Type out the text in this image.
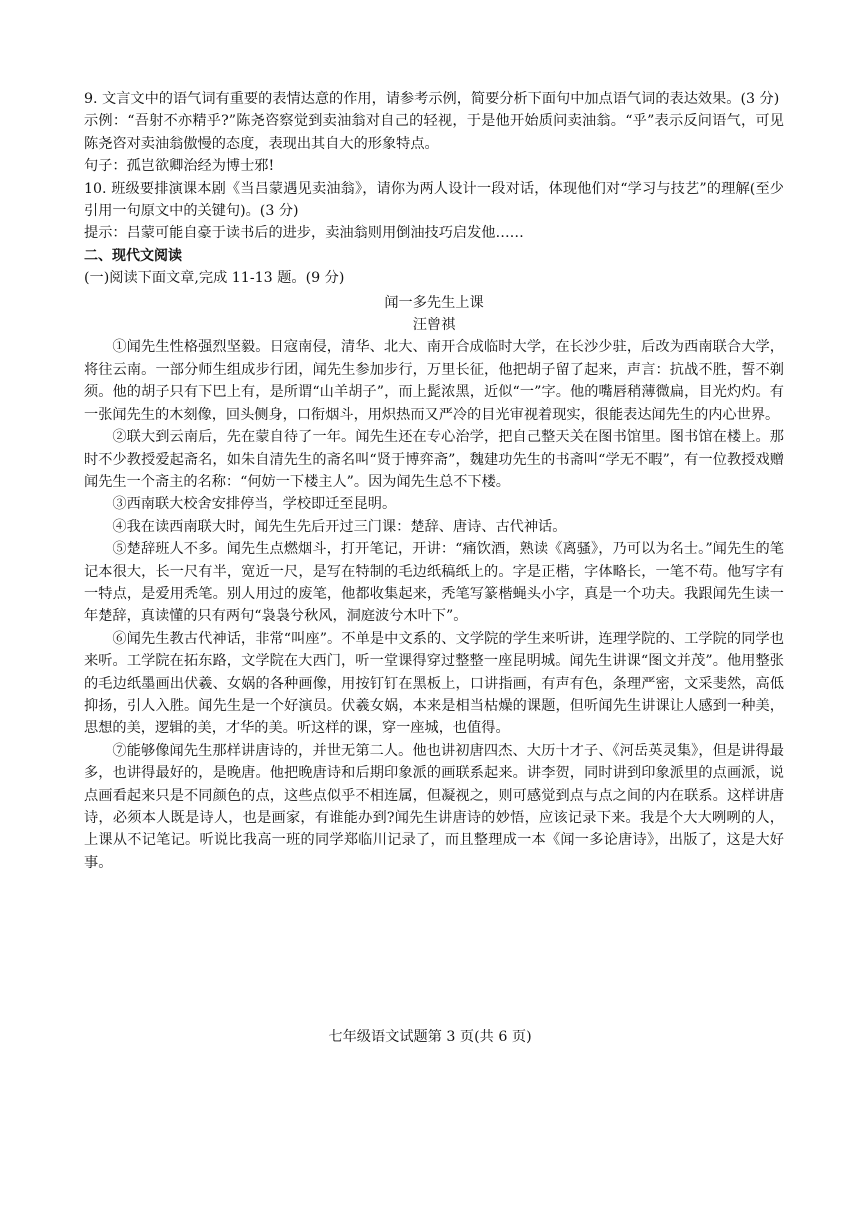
9. 文言文中的语气词有重要的表情达意的作用，请参考示例，简要分析下面句中加点语气词的表达效果。(3 分)

示例：“吾射不亦精乎?”陈尧咨察觉到卖油翁对自己的轻视，于是他开始质问卖油翁。“乎”表示反问语气，可见陈尧咨对卖油翁傲慢的态度，表现出其自大的形象特点。

句子：孤岂欲卿治经为博士邪!

10. 班级要排演课本剧《当吕蒙遇见卖油翁》，请你为两人设计一段对话，体现他们对“学习与技艺”的理解(至少引用一句原文中的关键句)。(3 分)

提示：吕蒙可能自豪于读书后的进步，卖油翁则用倒油技巧启发他……

二、现代文阅读

(一)阅读下面文章,完成 11-13 题。(9 分)

闻一多先生上课

汪曾祺

①闻先生性格强烈坚毅。日寇南侵，清华、北大、南开合成临时大学，在长沙少驻，后改为西南联合大学，将往云南。一部分师生组成步行团，闻先生参加步行，万里长征，他把胡子留了起来，声言：抗战不胜，誓不剃须。他的胡子只有下巴上有，是所谓“山羊胡子”，而上髭浓黑，近似“一”字。他的嘴唇稍薄微扁，目光灼灼。有一张闻先生的木刻像，回头侧身，口衔烟斗，用炽热而又严冷的目光审视着现实，很能表达闻先生的内心世界。

②联大到云南后，先在蒙自待了一年。闻先生还在专心治学，把自己整天关在图书馆里。图书馆在楼上。那时不少教授爱起斋名，如朱自清先生的斋名叫“贤于博弈斋”，魏建功先生的书斋叫“学无不暇”，有一位教授戏赠闻先生一个斋主的名称：“何妨一下楼主人”。因为闻先生总不下楼。

③西南联大校舍安排停当，学校即迁至昆明。

④我在读西南联大时，闻先生先后开过三门课：楚辞、唐诗、古代神话。

⑤楚辞班人不多。闻先生点燃烟斗，打开笔记，开讲：“痛饮酒，熟读《离骚》，乃可以为名士。”闻先生的笔记本很大，长一尺有半，宽近一尺，是写在特制的毛边纸稿纸上的。字是正楷，字体略长，一笔不苟。他写字有一特点，是爱用秃笔。别人用过的废笔，他都收集起来，秃笔写篆楷蝇头小字，真是一个功夫。我跟闻先生读一年楚辞，真读懂的只有两句“袅袅兮秋风，洞庭波兮木叶下”。

⑥闻先生教古代神话，非常“叫座”。不单是中文系的、文学院的学生来听讲，连理学院的、工学院的同学也来听。工学院在拓东路，文学院在大西门，听一堂课得穿过整整一座昆明城。闻先生讲课“图文并茂”。他用整张的毛边纸墨画出伏羲、女娲的各种画像，用按钉钉在黑板上，口讲指画，有声有色，条理严密，文采斐然，高低抑扬，引人入胜。闻先生是一个好演员。伏羲女娲，本来是相当枯燥的课题，但听闻先生讲课让人感到一种美，思想的美，逻辑的美，才华的美。听这样的课，穿一座城，也值得。

⑦能够像闻先生那样讲唐诗的，并世无第二人。他也讲初唐四杰、大历十才子、《河岳英灵集》，但是讲得最多，也讲得最好的，是晚唐。他把晚唐诗和后期印象派的画联系起来。讲李贺，同时讲到印象派里的点画派，说点画看起来只是不同颜色的点，这些点似乎不相连属，但凝视之，则可感觉到点与点之间的内在联系。这样讲唐诗，必须本人既是诗人，也是画家，有谁能办到?闻先生讲唐诗的妙悟，应该记录下来。我是个大大咧咧的人，上课从不记笔记。听说比我高一班的同学郑临川记录了，而且整理成一本《闻一多论唐诗》，出版了，这是大好事。

七年级语文试题第 3 页(共 6 页)
